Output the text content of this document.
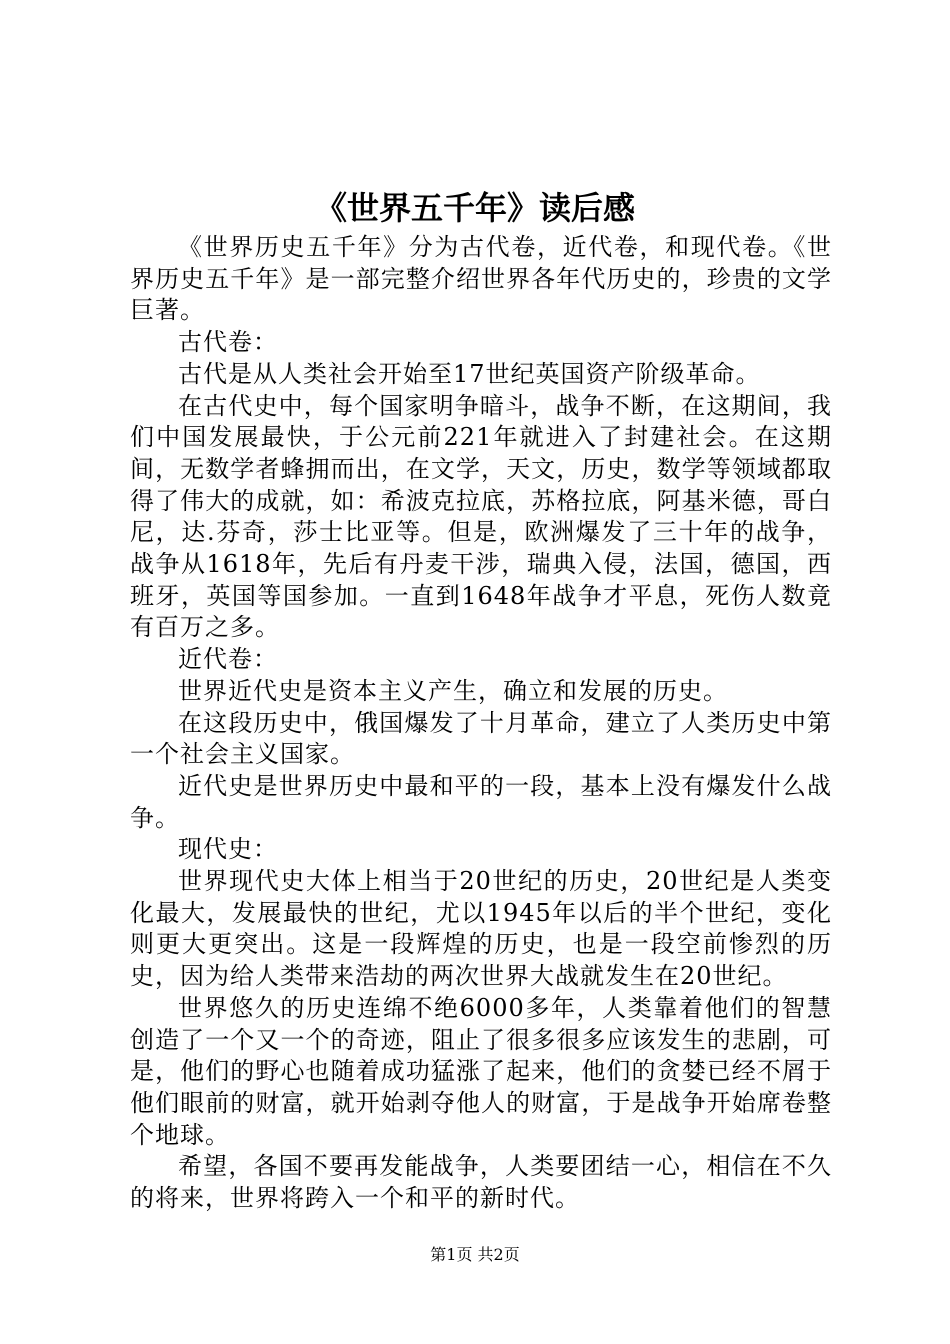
《世界五千年》读后感

《世界历史五千年》分为古代卷，近代卷，和现代卷。《世界历史五千年》是一部完整介绍世界各年代历史的，珍贵的文学巨著。

古代卷：

古代是从人类社会开始至17世纪英国资产阶级革命。

在古代史中，每个国家明争暗斗，战争不断，在这期间，我们中国发展最快，于公元前221年就进入了封建社会。在这期间，无数学者蜂拥而出，在文学，天文，历史，数学等领域都取得了伟大的成就，如：希波克拉底，苏格拉底，阿基米德，哥白尼，达.芬奇，莎士比亚等。但是，欧洲爆发了三十年的战争，战争从1618年，先后有丹麦干涉，瑞典入侵，法国，德国，西班牙，英国等国参加。一直到1648年战争才平息，死伤人数竟有百万之多。

近代卷：

世界近代史是资本主义产生，确立和发展的历史。

在这段历史中，俄国爆发了十月革命，建立了人类历史中第一个社会主义国家。

近代史是世界历史中最和平的一段，基本上没有爆发什么战争。

现代史：

世界现代史大体上相当于20世纪的历史，20世纪是人类变化最大，发展最快的世纪，尤以1945年以后的半个世纪，变化则更大更突出。这是一段辉煌的历史，也是一段空前惨烈的历史，因为给人类带来浩劫的两次世界大战就发生在20世纪。

世界悠久的历史连绵不绝6000多年，人类靠着他们的智慧创造了一个又一个的奇迹，阻止了很多很多应该发生的悲剧，可是，他们的野心也随着成功猛涨了起来，他们的贪婪已经不屑于他们眼前的财富，就开始剥夺他人的财富，于是战争开始席卷整个地球。

希望，各国不要再发能战争，人类要团结一心，相信在不久的将来，世界将跨入一个和平的新时代。

第1页 共2页
